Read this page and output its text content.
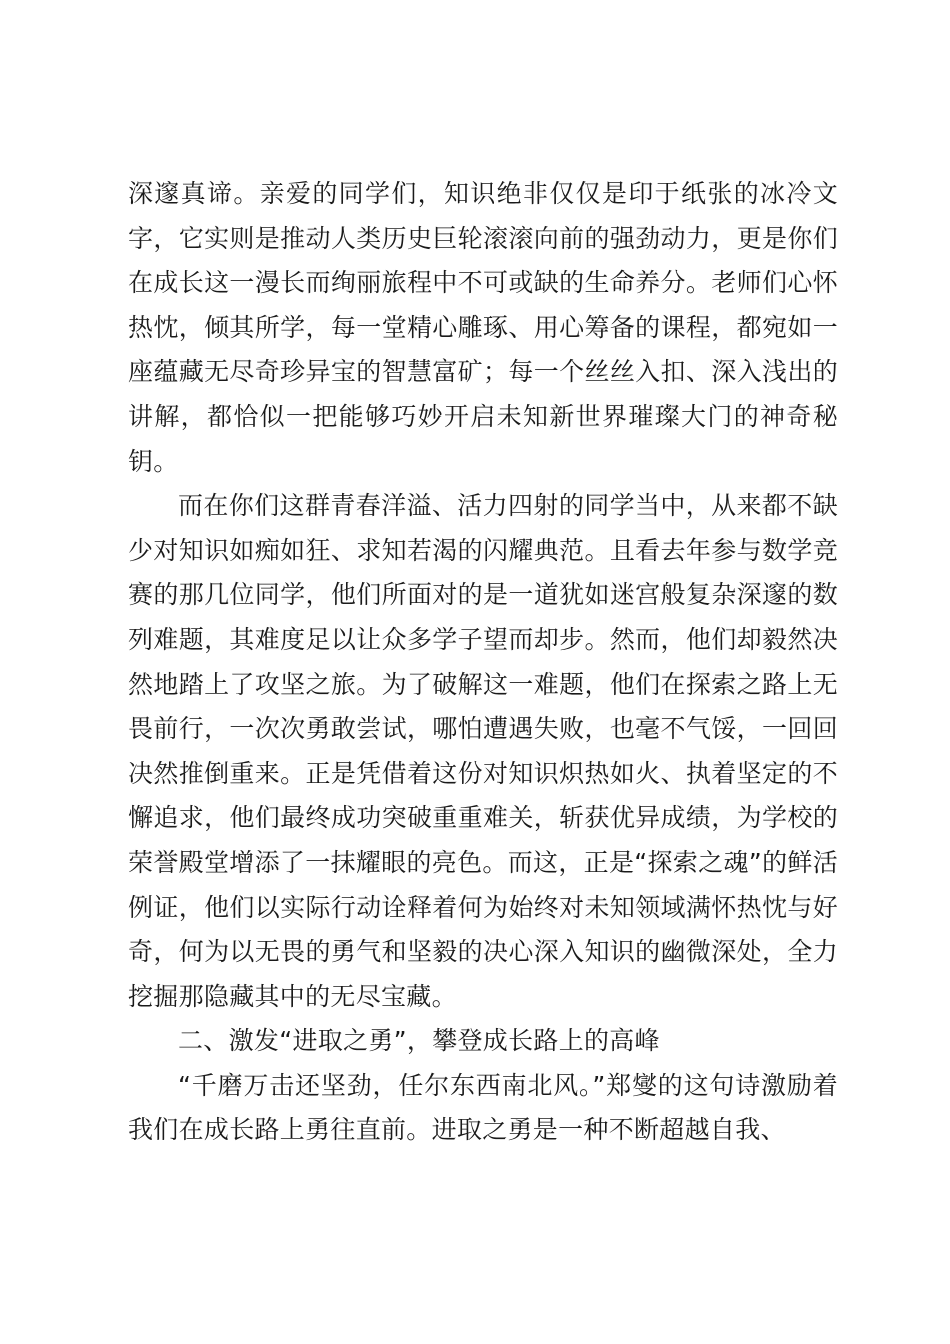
深邃真谛。亲爱的同学们，知识绝非仅仅是印于纸张的冰冷文字，它实则是推动人类历史巨轮滚滚向前的强劲动力，更是你们在成长这一漫长而绚丽旅程中不可或缺的生命养分。老师们心怀热忱，倾其所学，每一堂精心雕琢、用心筹备的课程，都宛如一座蕴藏无尽奇珍异宝的智慧富矿；每一个丝丝入扣、深入浅出的讲解，都恰似一把能够巧妙开启未知新世界璀璨大门的神奇秘钥。

而在你们这群青春洋溢、活力四射的同学当中，从来都不缺少对知识如痴如狂、求知若渴的闪耀典范。且看去年参与数学竞赛的那几位同学，他们所面对的是一道犹如迷宫般复杂深邃的数列难题，其难度足以让众多学子望而却步。然而，他们却毅然决然地踏上了攻坚之旅。为了破解这一难题，他们在探索之路上无畏前行，一次次勇敢尝试，哪怕遭遇失败，也毫不气馁，一回回决然推倒重来。正是凭借着这份对知识炽热如火、执着坚定的不懈追求，他们最终成功突破重重难关，斩获优异成绩，为学校的荣誉殿堂增添了一抹耀眼的亮色。而这，正是“探索之魂”的鲜活例证，他们以实际行动诠释着何为始终对未知领域满怀热忱与好奇，何为以无畏的勇气和坚毅的决心深入知识的幽微深处，全力挖掘那隐藏其中的无尽宝藏。

二、激发“进取之勇”，攀登成长路上的高峰

“千磨万击还坚劲，任尔东西南北风。”郑燮的这句诗激励着我们在成长路上勇往直前。进取之勇是一种不断超越自我、
